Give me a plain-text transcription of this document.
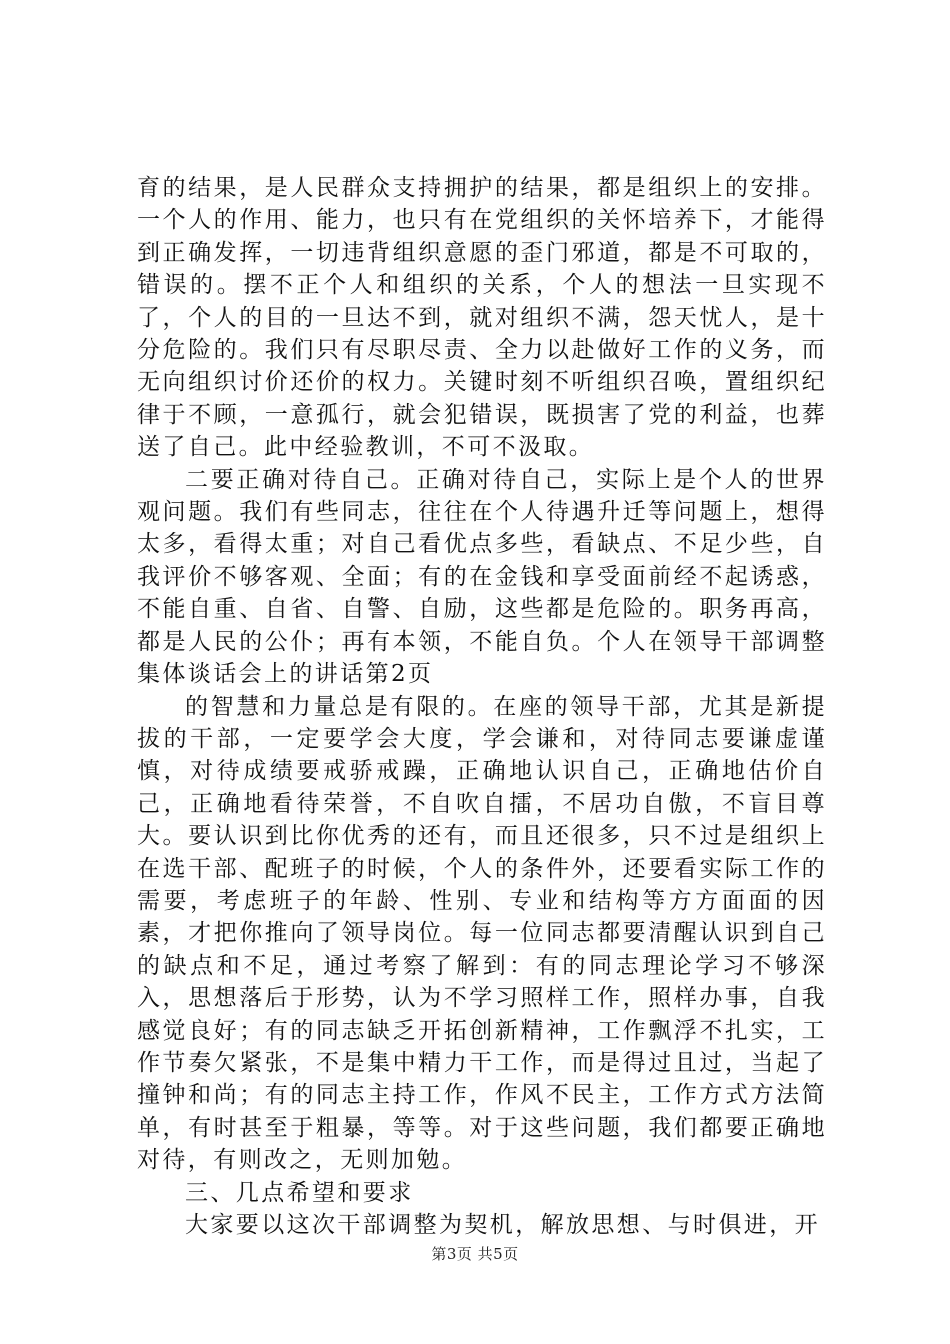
育的结果，是人民群众支持拥护的结果，都是组织上的安排。一个人的作用、能力，也只有在党组织的关怀培养下，才能得到正确发挥，一切违背组织意愿的歪门邪道，都是不可取的，错误的。摆不正个人和组织的关系，个人的想法一旦实现不了，个人的目的一旦达不到，就对组织不满，怨天忧人，是十分危险的。我们只有尽职尽责、全力以赴做好工作的义务，而无向组织讨价还价的权力。关键时刻不听组织召唤，置组织纪律于不顾，一意孤行，就会犯错误，既损害了党的利益，也葬送了自己。此中经验教训，不可不汲取。

二要正确对待自己。正确对待自己，实际上是个人的世界观问题。我们有些同志，往往在个人待遇升迁等问题上，想得太多，看得太重；对自己看优点多些，看缺点、不足少些，自我评价不够客观、全面；有的在金钱和享受面前经不起诱惑，不能自重、自省、自警、自励，这些都是危险的。职务再高，都是人民的公仆；再有本领，不能自负。个人在领导干部调整集体谈话会上的讲话第2页

的智慧和力量总是有限的。在座的领导干部，尤其是新提拔的干部，一定要学会大度，学会谦和，对待同志要谦虚谨慎，对待成绩要戒骄戒躁，正确地认识自己，正确地估价自己，正确地看待荣誉，不自吹自擂，不居功自傲，不盲目尊大。要认识到比你优秀的还有，而且还很多，只不过是组织上在选干部、配班子的时候，个人的条件外，还要看实际工作的需要，考虑班子的年龄、性别、专业和结构等方方面面的因素，才把你推向了领导岗位。每一位同志都要清醒认识到自己的缺点和不足，通过考察了解到：有的同志理论学习不够深入，思想落后于形势，认为不学习照样工作，照样办事，自我感觉良好；有的同志缺乏开拓创新精神，工作飘浮不扎实，工作节奏欠紧张，不是集中精力干工作，而是得过且过，当起了撞钟和尚；有的同志主持工作，作风不民主，工作方式方法简单，有时甚至于粗暴，等等。对于这些问题，我们都要正确地对待，有则改之，无则加勉。

三、几点希望和要求

大家要以这次干部调整为契机，解放思想、与时俱进，开

第3页 共5页
